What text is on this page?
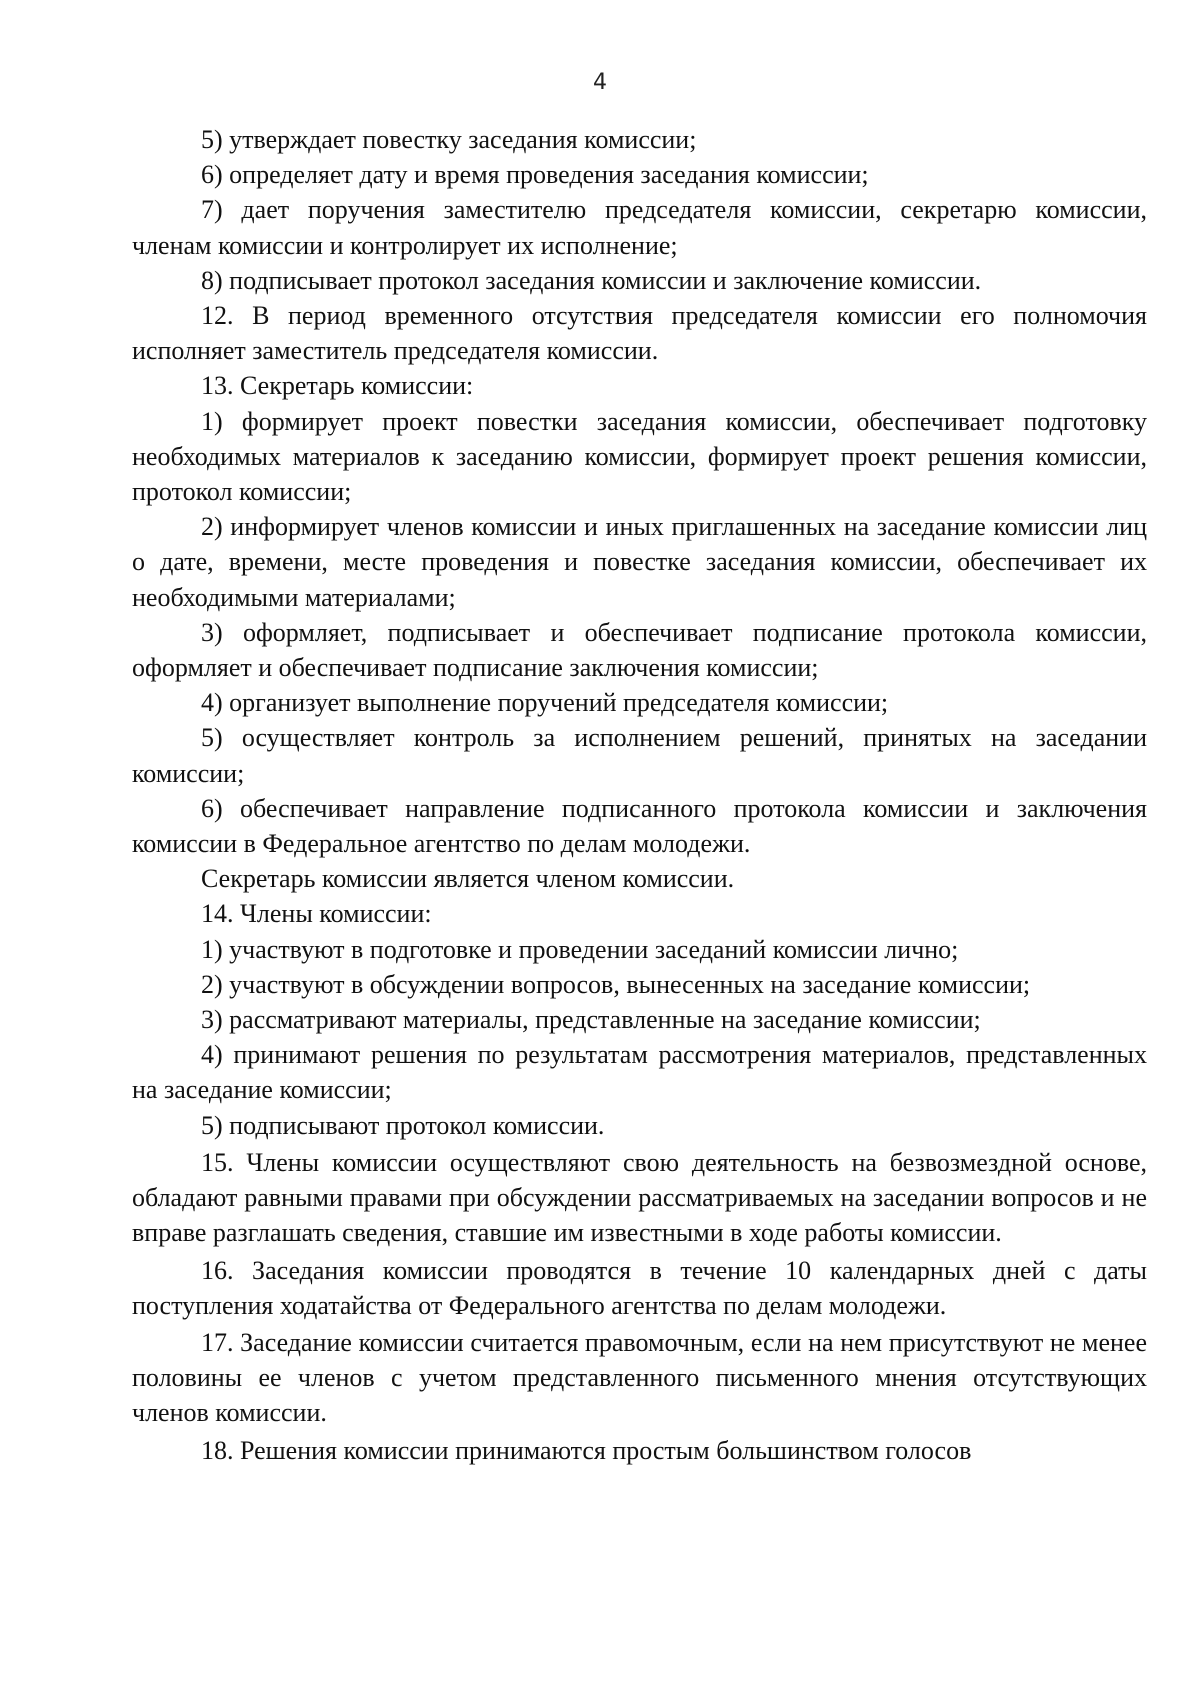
4

5) утверждает повестку заседания комиссии;

6) определяет дату и время проведения заседания комиссии;

7) дает поручения заместителю председателя комиссии, секретарю комиссии, членам комиссии и контролирует их исполнение;

8) подписывает протокол заседания комиссии и заключение комиссии.

12. В период временного отсутствия председателя комиссии его полномочия исполняет заместитель председателя комиссии.

13. Секретарь комиссии:

1) формирует проект повестки заседания комиссии, обеспечивает подготовку необходимых материалов к заседанию комиссии, формирует проект решения комиссии, протокол комиссии;

2) информирует членов комиссии и иных приглашенных на заседание комиссии лиц о дате, времени, месте проведения и повестке заседания комиссии, обеспечивает их необходимыми материалами;

3) оформляет, подписывает и обеспечивает подписание протокола комиссии, оформляет и обеспечивает подписание заключения комиссии;

4) организует выполнение поручений председателя комиссии;

5) осуществляет контроль за исполнением решений, принятых на заседании комиссии;

6) обеспечивает направление подписанного протокола комиссии и заключения комиссии в Федеральное агентство по делам молодежи.

Секретарь комиссии является членом комиссии.

14. Члены комиссии:

1) участвуют в подготовке и проведении заседаний комиссии лично;

2) участвуют в обсуждении вопросов, вынесенных на заседание комиссии;

3) рассматривают материалы, представленные на заседание комиссии;

4) принимают решения по результатам рассмотрения материалов, представленных на заседание комиссии;

5) подписывают протокол комиссии.

15. Члены комиссии осуществляют свою деятельность на безвозмездной основе, обладают равными правами при обсуждении рассматриваемых на заседании вопросов и не вправе разглашать сведения, ставшие им известными в ходе работы комиссии.

16. Заседания комиссии проводятся в течение 10 календарных дней с даты поступления ходатайства от Федерального агентства по делам молодежи.

17. Заседание комиссии считается правомочным, если на нем присутствуют не менее половины ее членов с учетом представленного письменного мнения отсутствующих членов комиссии.

18. Решения комиссии принимаются простым большинством голосов
